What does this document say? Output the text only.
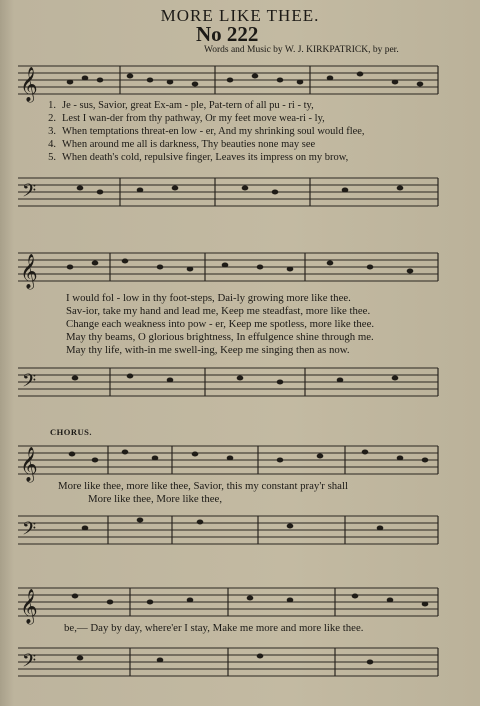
MORE LIKE THEE.
No 222
Words and Music by W. J. KIRKPATRICK, by per.
𝄞
1. Je - sus, Savior, great Ex-am - ple, Pat-tern of all pu - ri - ty,
2. Lest I wan-der from thy pathway, Or my feet move wea-ri - ly,
3. When temptations threat-en low - er, And my shrinking soul would flee,
4. When around me all is darkness, Thy beauties none may see
5. When death's cold, repulsive finger, Leaves its impress on my brow,
𝄢
𝄞
I would fol - low in thy foot-steps, Dai-ly growing more like thee.
Sav-ior, take my hand and lead me, Keep me steadfast, more like thee.
Change each weakness into pow - er, Keep me spotless, more like thee.
May thy beams, O glorious brightness, In effulgence shine through me.
May thy life, with-in me swell-ing, Keep me singing then as now.
𝄢
CHORUS.
𝄞
More like thee, more like thee, Savior, this my constant pray'r shall
More like thee, More like thee,
𝄢
𝄞
be,— Day by day, where'er I stay, Make me more and more like thee.
𝄢
